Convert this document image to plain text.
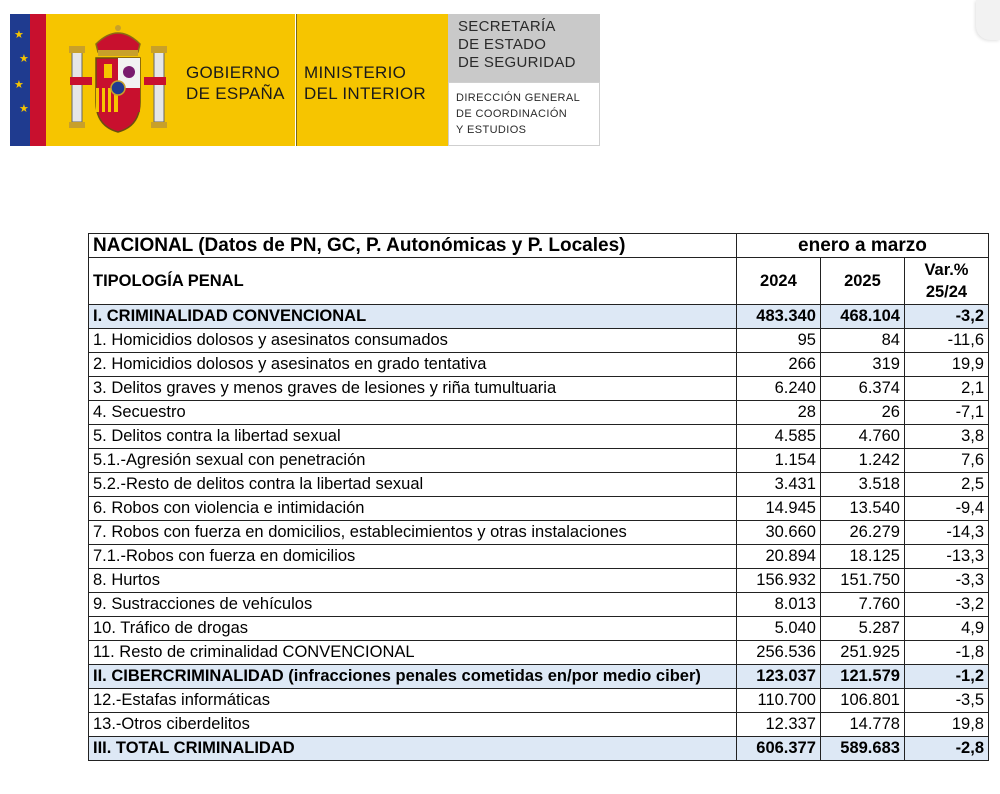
★
★
★
★
GOBIERNO
DE ESPAÑA
MINISTERIO
DEL INTERIOR
SECRETARÍA
DE ESTADO
DE SEGURIDAD
DIRECCIÓN GENERAL
DE COORDINACIÓN
Y ESTUDIOS
NACIONAL (Datos de PN, GC, P. Autonómicas y P. Locales)	enero a marzo		
TIPOLOGÍA PENAL	2024	2025	Var.%
25/24

I. CRIMINALIDAD CONVENCIONAL	483.340	468.104	-3,2
1. Homicidios dolosos y asesinatos consumados	95	84	-11,6
2. Homicidios dolosos y asesinatos en grado tentativa	266	319	19,9
3. Delitos graves y menos graves de lesiones y riña tumultuaria	6.240	6.374	2,1
4. Secuestro	28	26	-7,1
5. Delitos contra la libertad sexual	4.585	4.760	3,8
5.1.-Agresión sexual con penetración	1.154	1.242	7,6
5.2.-Resto de delitos contra la libertad sexual	3.431	3.518	2,5
6. Robos con violencia e intimidación	14.945	13.540	-9,4
7. Robos con fuerza en domicilios, establecimientos y otras instalaciones	30.660	26.279	-14,3
7.1.-Robos con fuerza en domicilios	20.894	18.125	-13,3
8. Hurtos	156.932	151.750	-3,3
9. Sustracciones de vehículos	8.013	7.760	-3,2
10. Tráfico de drogas	5.040	5.287	4,9
11. Resto de criminalidad CONVENCIONAL	256.536	251.925	-1,8
II. CIBERCRIMINALIDAD (infracciones penales cometidas en/por medio ciber)	123.037	121.579	-1,2
12.-Estafas informáticas	110.700	106.801	-3,5
13.-Otros ciberdelitos	12.337	14.778	19,8
III. TOTAL CRIMINALIDAD	606.377	589.683	-2,8
